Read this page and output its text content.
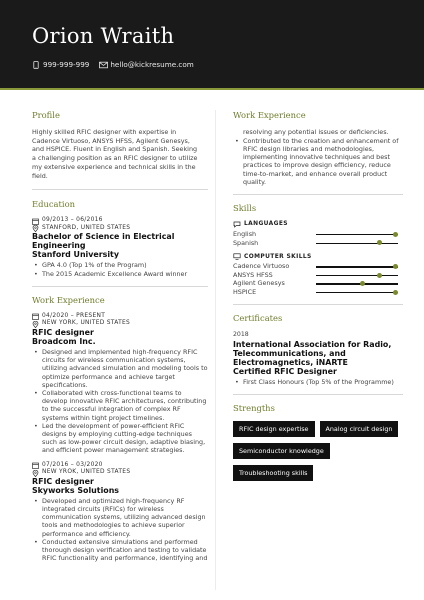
Orion Wraith
999-999-999	hello@kickresume.com
Profile

Highly skilled RFIC designer with expertise in Cadence Virtuoso, ANSYS HFSS, Agilent Genesys, and HSPICE. Fluent in English and Spanish. Seeking a challenging position as an RFIC designer to utilize my extensive experience and technical skills in the field.

Education
09/2013 – 06/2016
STANFORD, UNITED STATES

Bachelor of Science in Electrical Engineering

Stanford University

• GPA 4.0 (Top 1% of the Program)
• The 2015 Academic Excellence Award winner
Work Experience
04/2020 – PRESENT
NEW YORK, UNITED STATES

RFIC designer

Broadcom Inc.

• Designed and implemented high-frequency RFIC circuits for wireless communication systems, utilizing advanced simulation and modeling tools to optimize performance and achieve target specifications.
• Collaborated with cross-functional teams to develop innovative RFIC architectures, contributing to the successful integration of complex RF systems within tight project timelines.
• Led the development of power-efficient RFIC designs by employing cutting-edge techniques such as low-power circuit design, adaptive biasing, and efficient power management strategies.
07/2016 – 03/2020
NEW YROK, UNITED STATES

RFIC designer

Skyworks Solutions

• Developed and optimized high-frequency RF integrated circuits (RFICs) for wireless communication systems, utilizing advanced design tools and methodologies to achieve superior performance and efficiency.
• Conducted extensive simulations and performed thorough design verification and testing to validate RFIC functionality and performance, identifying and
Work Experience

resolving any potential issues or deficiencies.

• Contributed to the creation and enhancement of RFIC design libraries and methodologies, implementing innovative techniques and best practices to improve design efficiency, reduce time-to-market, and enhance overall product quality.
Skills
LANGUAGES
English
Spanish
COMPUTER SKILLS
Cadence Virtuoso
ANSYS HFSS
Agilent Genesys
HSPICE
Certificates
2018

International Association for Radio, Telecommunications, and Electromagnetics, iNARTE

Certified RFIC Designer

• First Class Honours (Top 5% of the Programme)
Strengths
RFIC design expertise	Analog circuit design
Semiconductor knowledge
Troubleshooting skills
